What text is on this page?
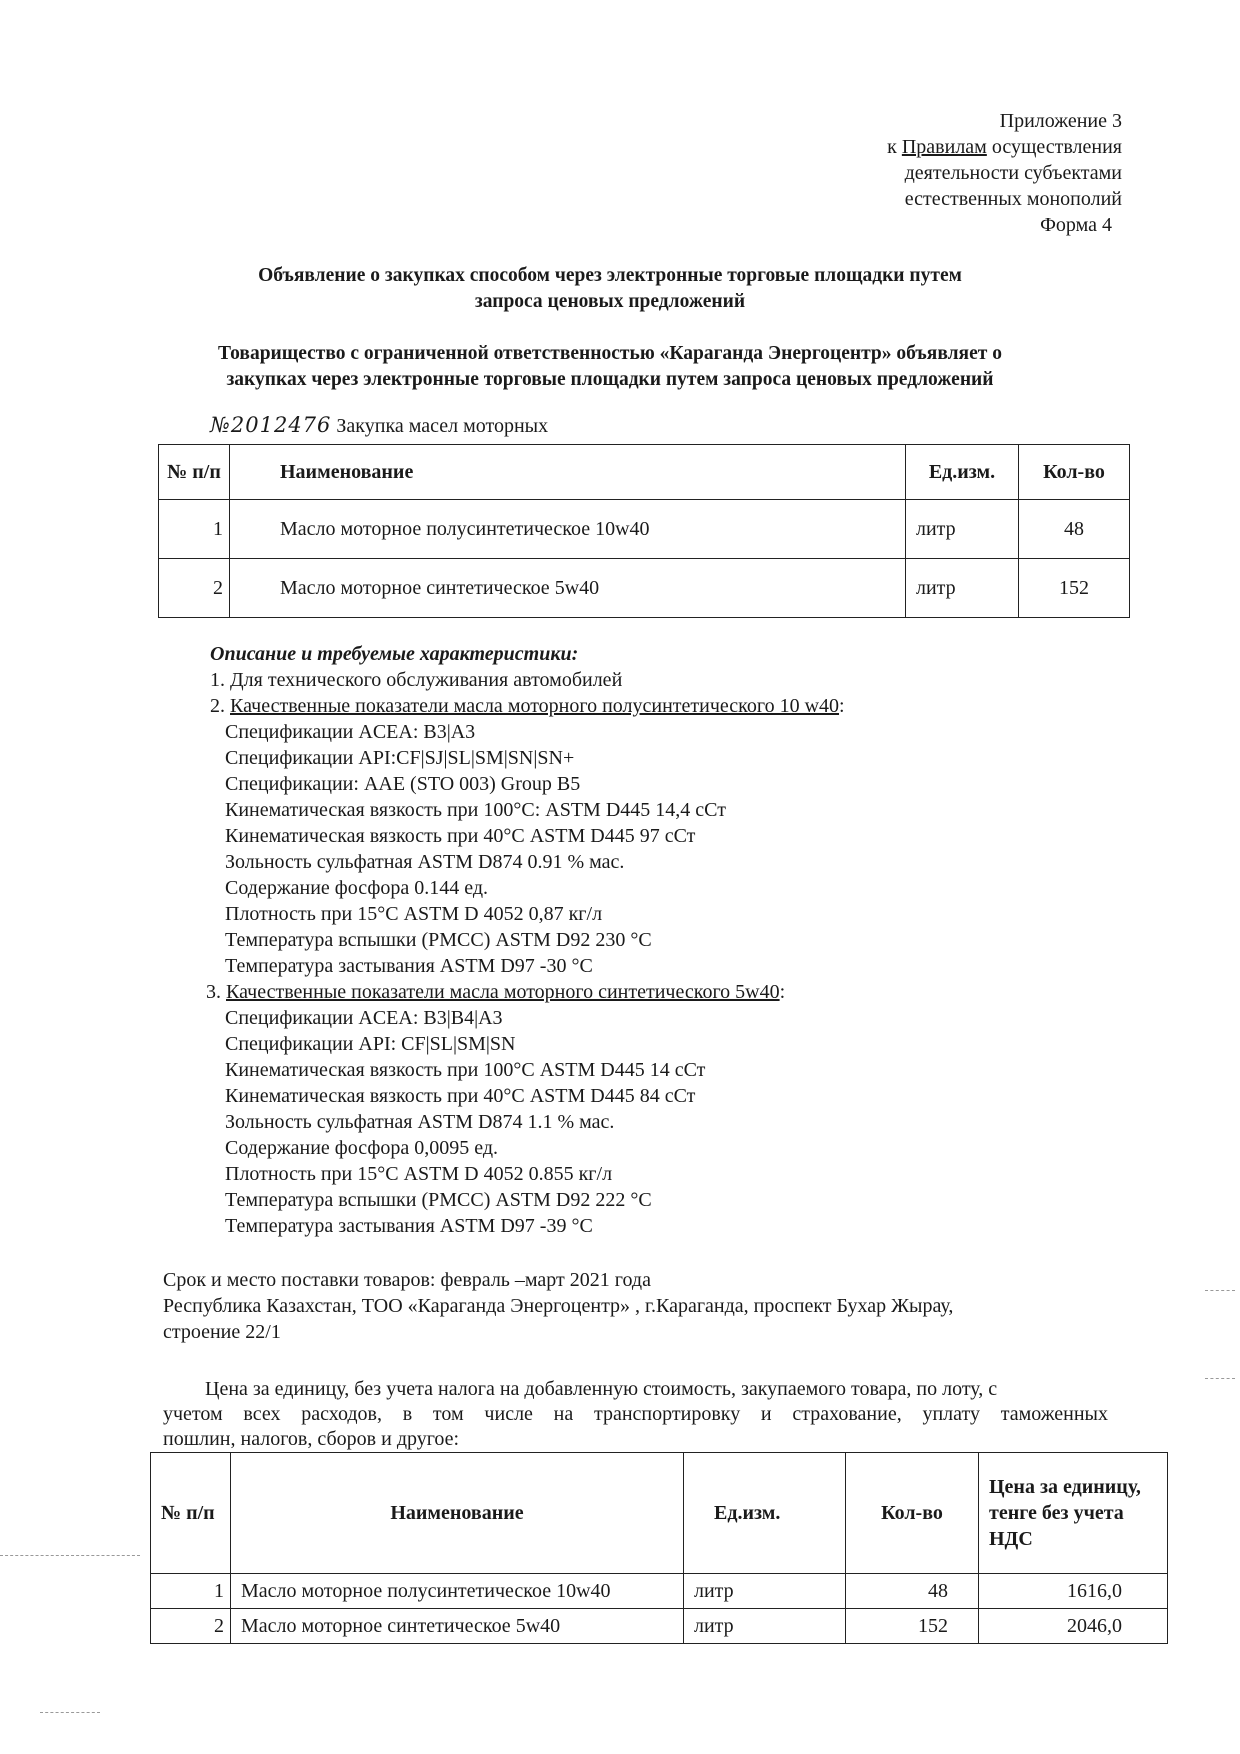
Приложение 3
к Правилам осуществления
деятельности субъектами
естественных монополий
Форма 4
Объявление о закупках способом через электронные торговые площадки путем
запроса ценовых предложений
Товарищество с ограниченной ответственностью «Караганда Энергоцентр» объявляет о
закупках через электронные торговые площадки путем запроса ценовых предложений
№2012476 Закупка масел моторных
№ п/п	Наименование	Ед.изм.	Кол-во
1	Масло моторное полусинтетическое 10w40	литр	48
2	Масло моторное синтетическое 5w40	литр	152
Описание и требуемые характеристики:
1. Для технического обслуживания автомобилей
2. Качественные показатели масла моторного полусинтетического 10 w40:
Спецификации ACEA: B3|A3
Спецификации API:CF|SJ|SL|SM|SN|SN+
Спецификации: AAE (STO 003) Group B5
Кинематическая вязкость при 100°С: ASTM D445 14,4 сСт
Кинематическая вязкость при 40°С ASTM D445 97 сСт
Зольность сульфатная ASTM D874 0.91 % мас.
Содержание фосфора 0.144 ед.
Плотность при 15°С ASTM D 4052 0,87 кг/л
Температура вспышки (PMCC) ASTM D92 230 °С
Температура застывания ASTM D97 -30 °С
3. Качественные показатели масла моторного синтетического 5w40:
Спецификации ACEA: B3|B4|A3
Спецификации API: CF|SL|SM|SN
Кинематическая вязкость при 100°С ASTM D445 14 сСт
Кинематическая вязкость при 40°С ASTM D445 84 сСт
Зольность сульфатная ASTM D874 1.1 % мас.
Содержание фосфора 0,0095 ед.
Плотность при 15°С ASTM D 4052 0.855 кг/л
Температура вспышки (PMCC) ASTM D92 222 °С
Температура застывания ASTM D97 -39 °С
Срок и место поставки товаров: февраль –март 2021 года
Республика Казахстан, ТОО «Караганда Энергоцентр» , г.Караганда, проспект Бухар Жырау,
строение 22/1
Цена за единицу, без учета налога на добавленную стоимость, закупаемого товара, по лоту, с
учетом всех расходов, в том числе на транспортировку и страхование, уплату таможенных
пошлин, налогов, сборов и другое:
№ п/п	Наименование	Ед.изм.	Кол-во	Цена за единицу, тенге без учета НДС
1	Масло моторное полусинтетическое 10w40	литр	48	1616,0
2	Масло моторное синтетическое 5w40	литр	152	2046,0
